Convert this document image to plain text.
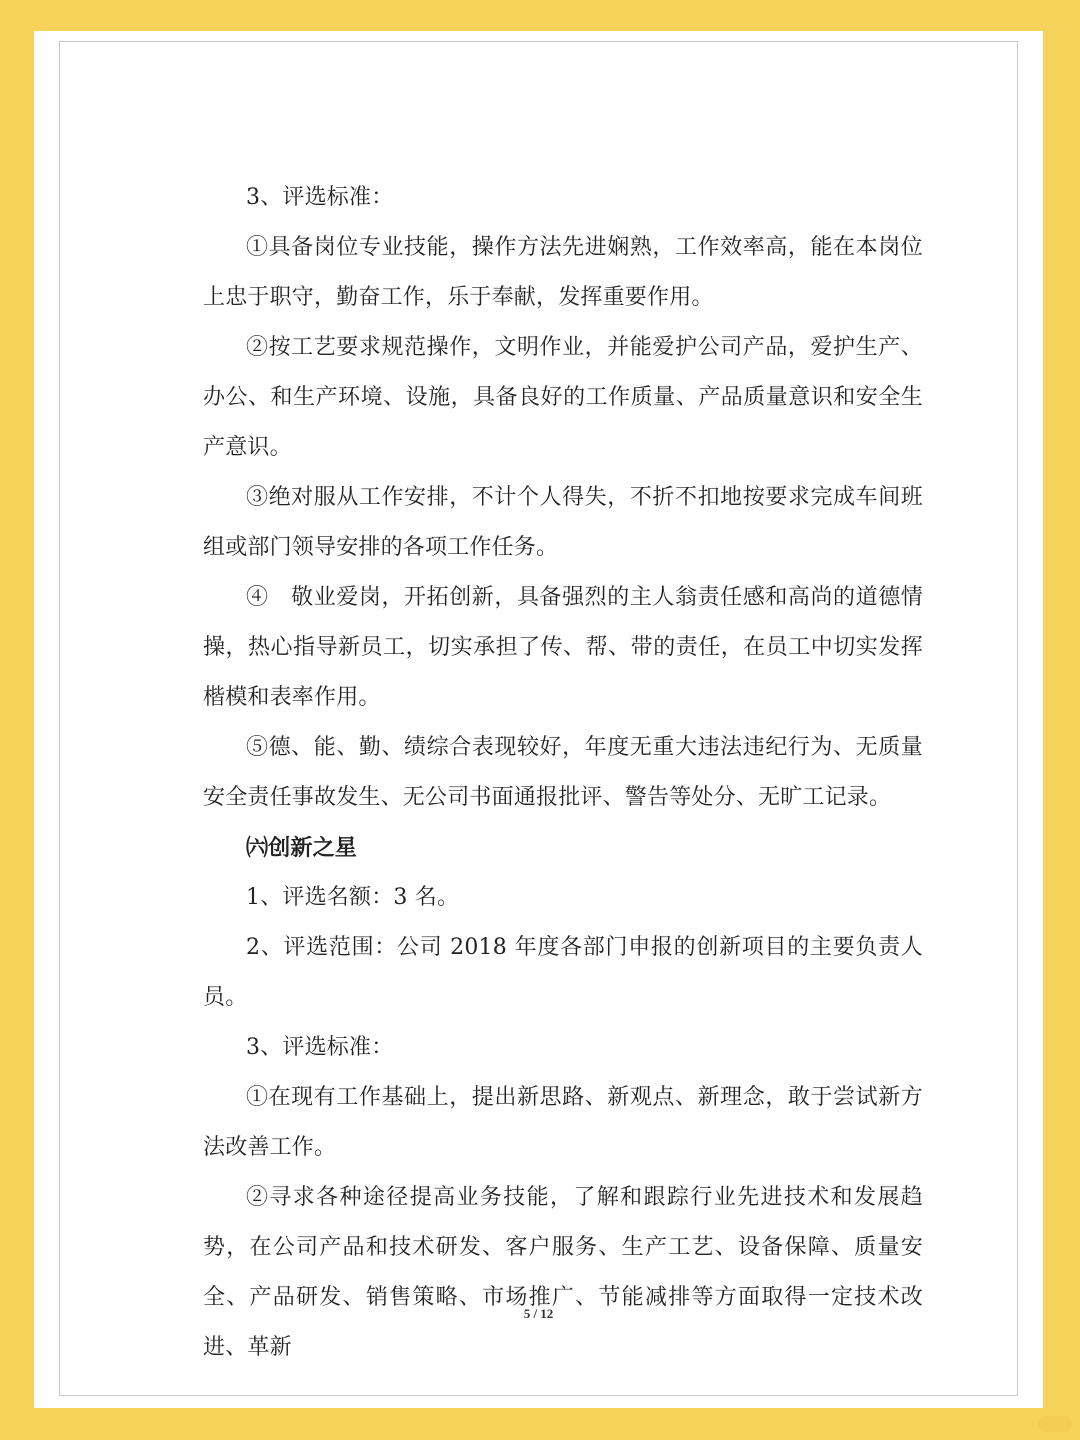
3、评选标准：

①具备岗位专业技能，操作方法先进娴熟，工作效率高，能在本岗位上忠于职守，勤奋工作，乐于奉献，发挥重要作用。

②按工艺要求规范操作，文明作业，并能爱护公司产品，爱护生产、办公、和生产环境、设施，具备良好的工作质量、产品质量意识和安全生产意识。

③绝对服从工作安排，不计个人得失，不折不扣地按要求完成车间班组或部门领导安排的各项工作任务。

④　敬业爱岗，开拓创新，具备强烈的主人翁责任感和高尚的道德情操，热心指导新员工，切实承担了传、帮、带的责任，在员工中切实发挥楷模和表率作用。

⑤德、能、勤、绩综合表现较好，年度无重大违法违纪行为、无质量安全责任事故发生、无公司书面通报批评、警告等处分、无旷工记录。

㈥创新之星

1、评选名额：3 名。

2、评选范围：公司 2018 年度各部门申报的创新项目的主要负责人员。

3、评选标准：

①在现有工作基础上，提出新思路、新观点、新理念，敢于尝试新方法改善工作。

②寻求各种途径提高业务技能，了解和跟踪行业先进技术和发展趋势，在公司产品和技术研发、客户服务、生产工艺、设备保障、质量安全、产品研发、销售策略、市场推广、节能减排等方面取得一定技术改进、革新

5 / 12
